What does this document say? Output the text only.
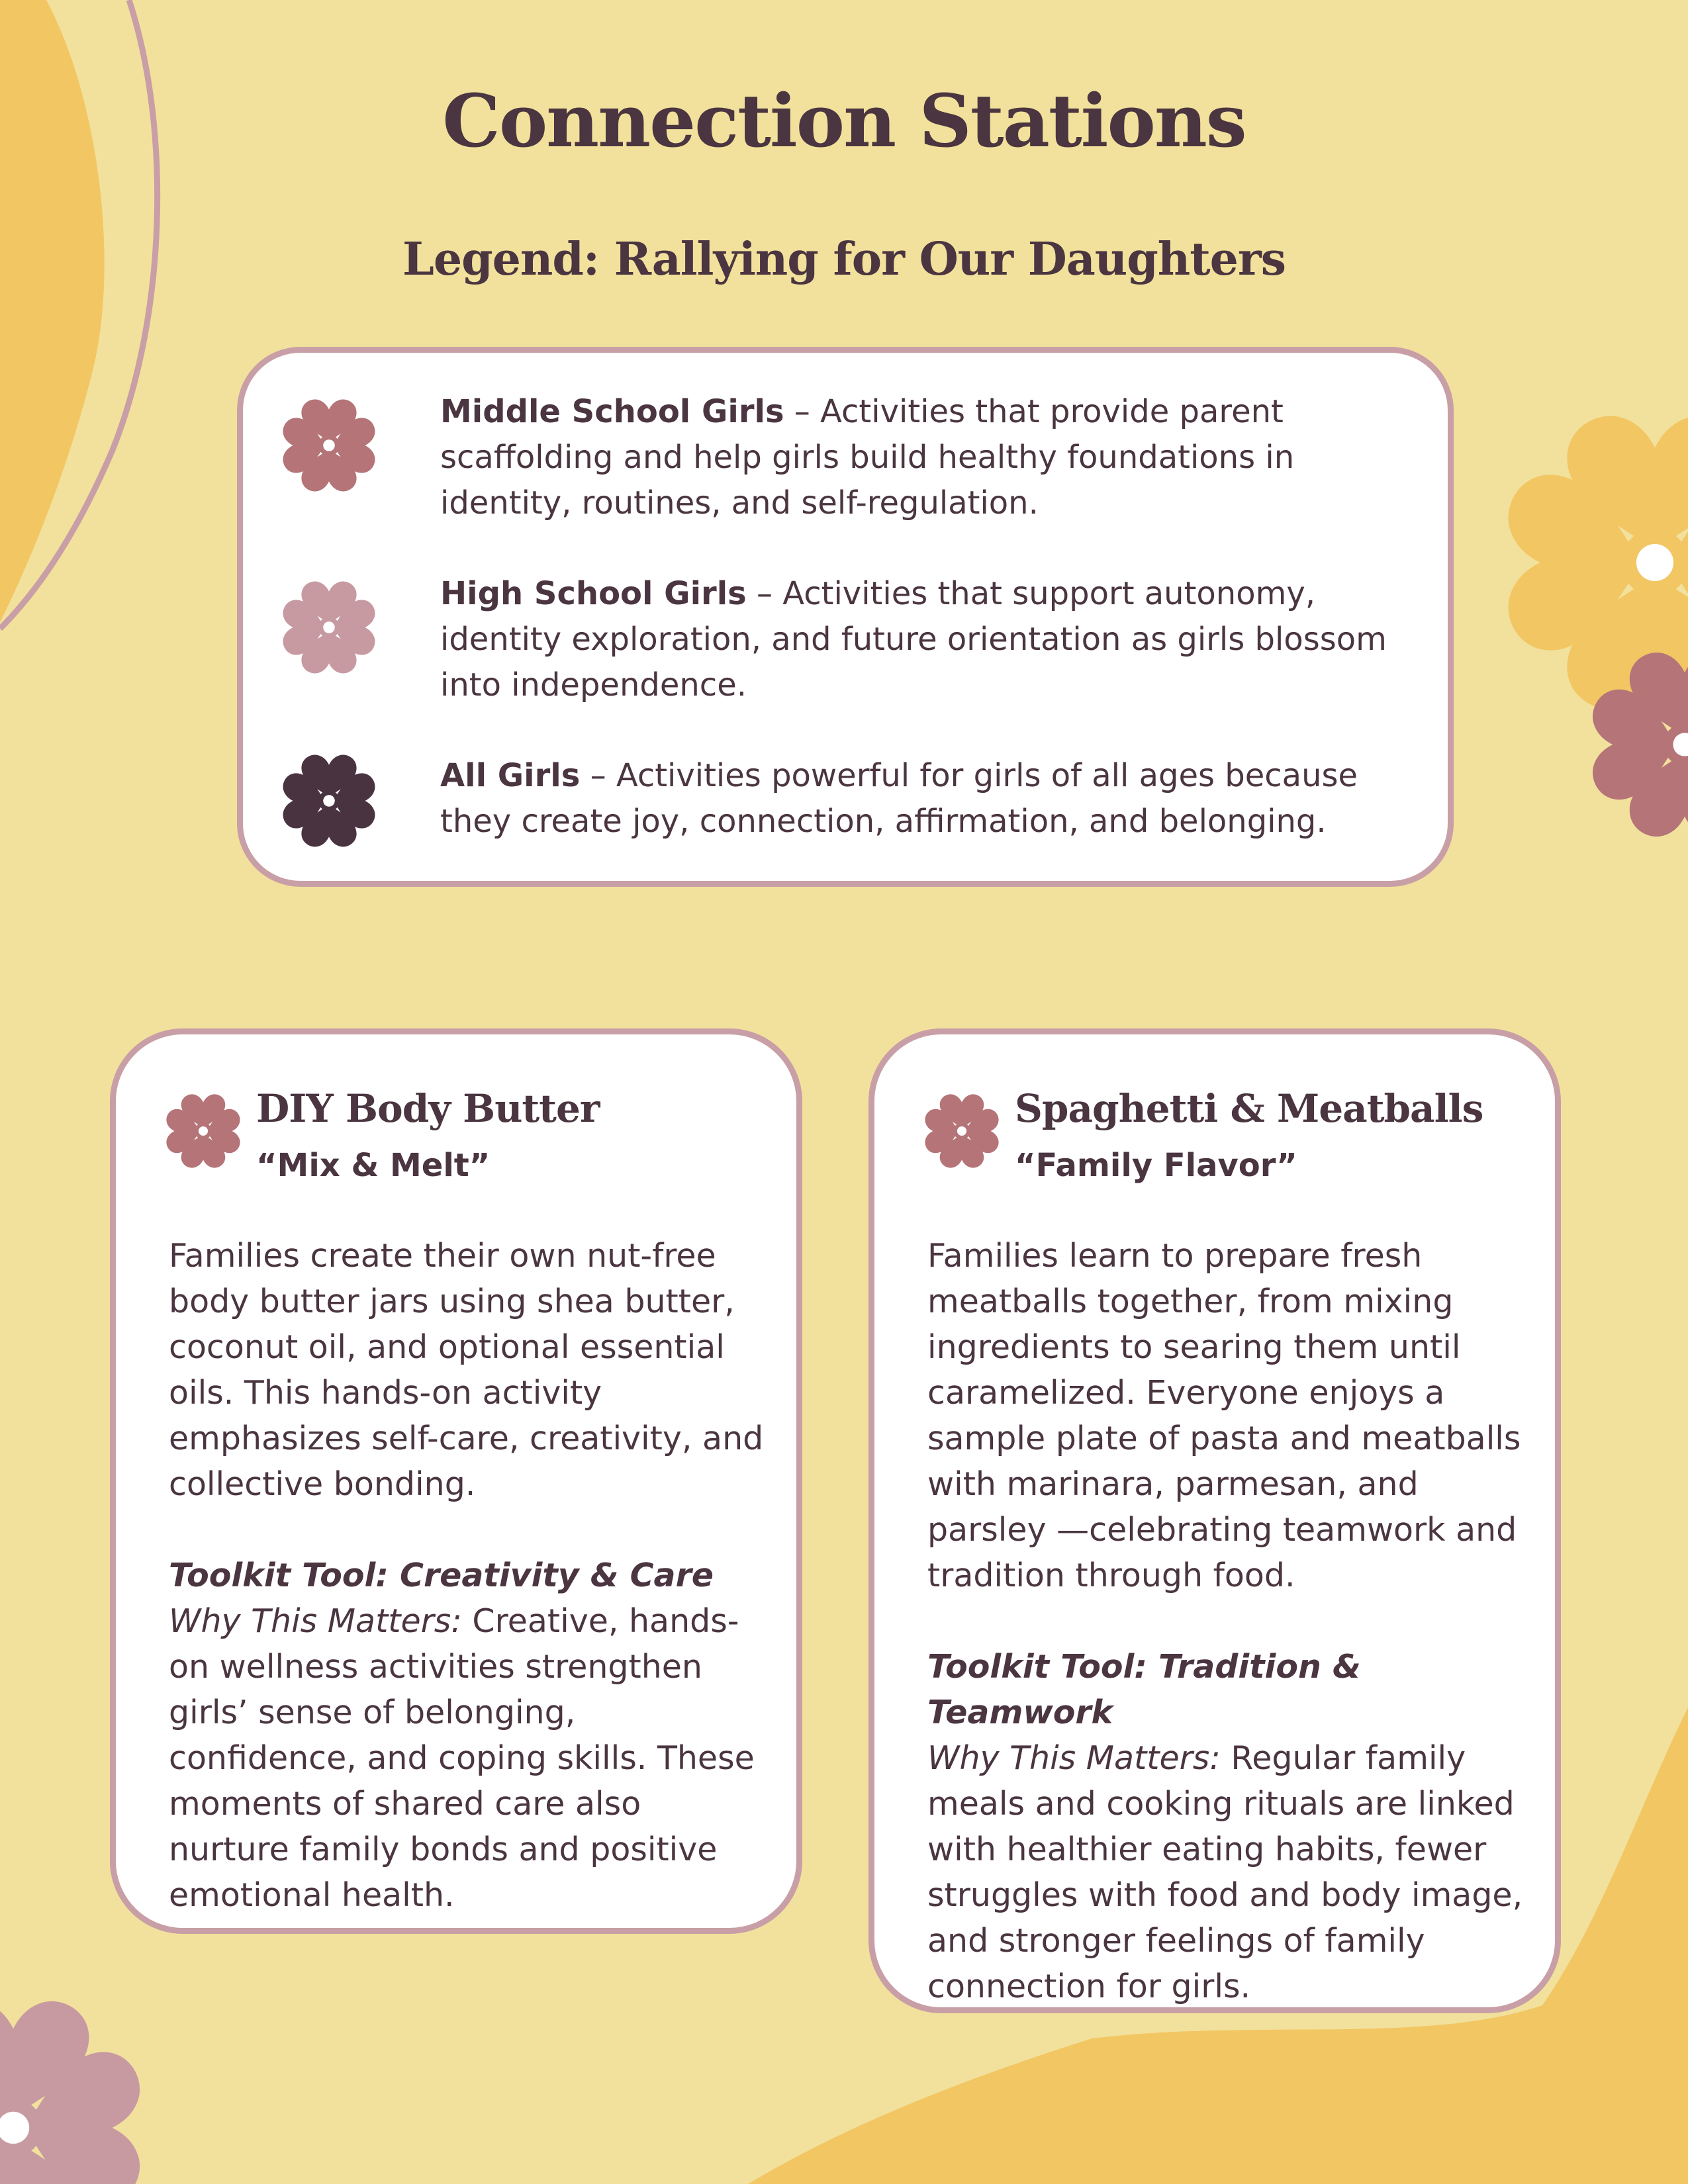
Connection Stations
Legend: Rallying for Our Daughters
Middle School Girls – Activities that provide parent scaffolding and help girls build healthy foundations in identity, routines, and self-regulation.
High School Girls – Activities that support autonomy, identity exploration, and future orientation as girls blossom into independence.
All Girls – Activities powerful for girls of all ages because they create joy, connection, affirmation, and belonging.
DIY Body Butter
“Mix & Melt”

Families create their own nut-free body butter jars using shea butter, coconut oil, and optional essential oils. This hands-on activity emphasizes self-care, creativity, and collective bonding.

Toolkit Tool: Creativity & Care

Why This Matters: Creative, hands-on wellness activities strengthen girls’ sense of belonging, confidence, and coping skills. These moments of shared care also nurture family bonds and positive emotional health.

Spaghetti & Meatballs
“Family Flavor”

Families learn to prepare fresh meatballs together, from mixing ingredients to searing them until caramelized. Everyone enjoys a sample plate of pasta and meatballs with marinara, parmesan, and parsley —celebrating teamwork and tradition through food.

Toolkit Tool: Tradition & Teamwork

Why This Matters: Regular family meals and cooking rituals are linked with healthier eating habits, fewer struggles with food and body image, and stronger feelings of family connection for girls.
